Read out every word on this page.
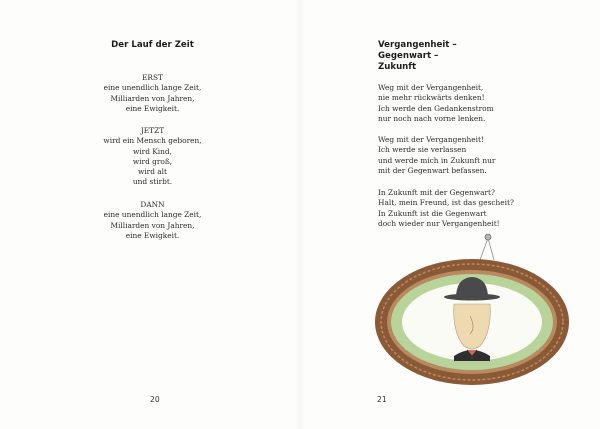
Der Lauf der Zeit
ERST
eine unendlich lange Zeit,
Milliarden von Jahren,
eine Ewigkeit.
JETZT
wird ein Mensch geboren,
wird Kind,
wird groß,
wird alt
und stirbt.
DANN
eine unendlich lange Zeit,
Milliarden von Jahren,
eine Ewigkeit.
20
Vergangenheit –
Gegenwart –
Zukunft
Weg mit der Vergangenheit,
nie mehr rückwärts denken!
Ich werde den Gedankenstrom
nur noch nach vorne lenken.
Weg mit der Vergangenheit!
Ich werde sie verlassen
und werde mich in Zukunft nur
mit der Gegenwart befassen.
In Zukunft mit der Gegenwart?
Halt, mein Freund, ist das gescheit?
In Zukunft ist die Gegenwart
doch wieder nur Vergangenheit!
21
